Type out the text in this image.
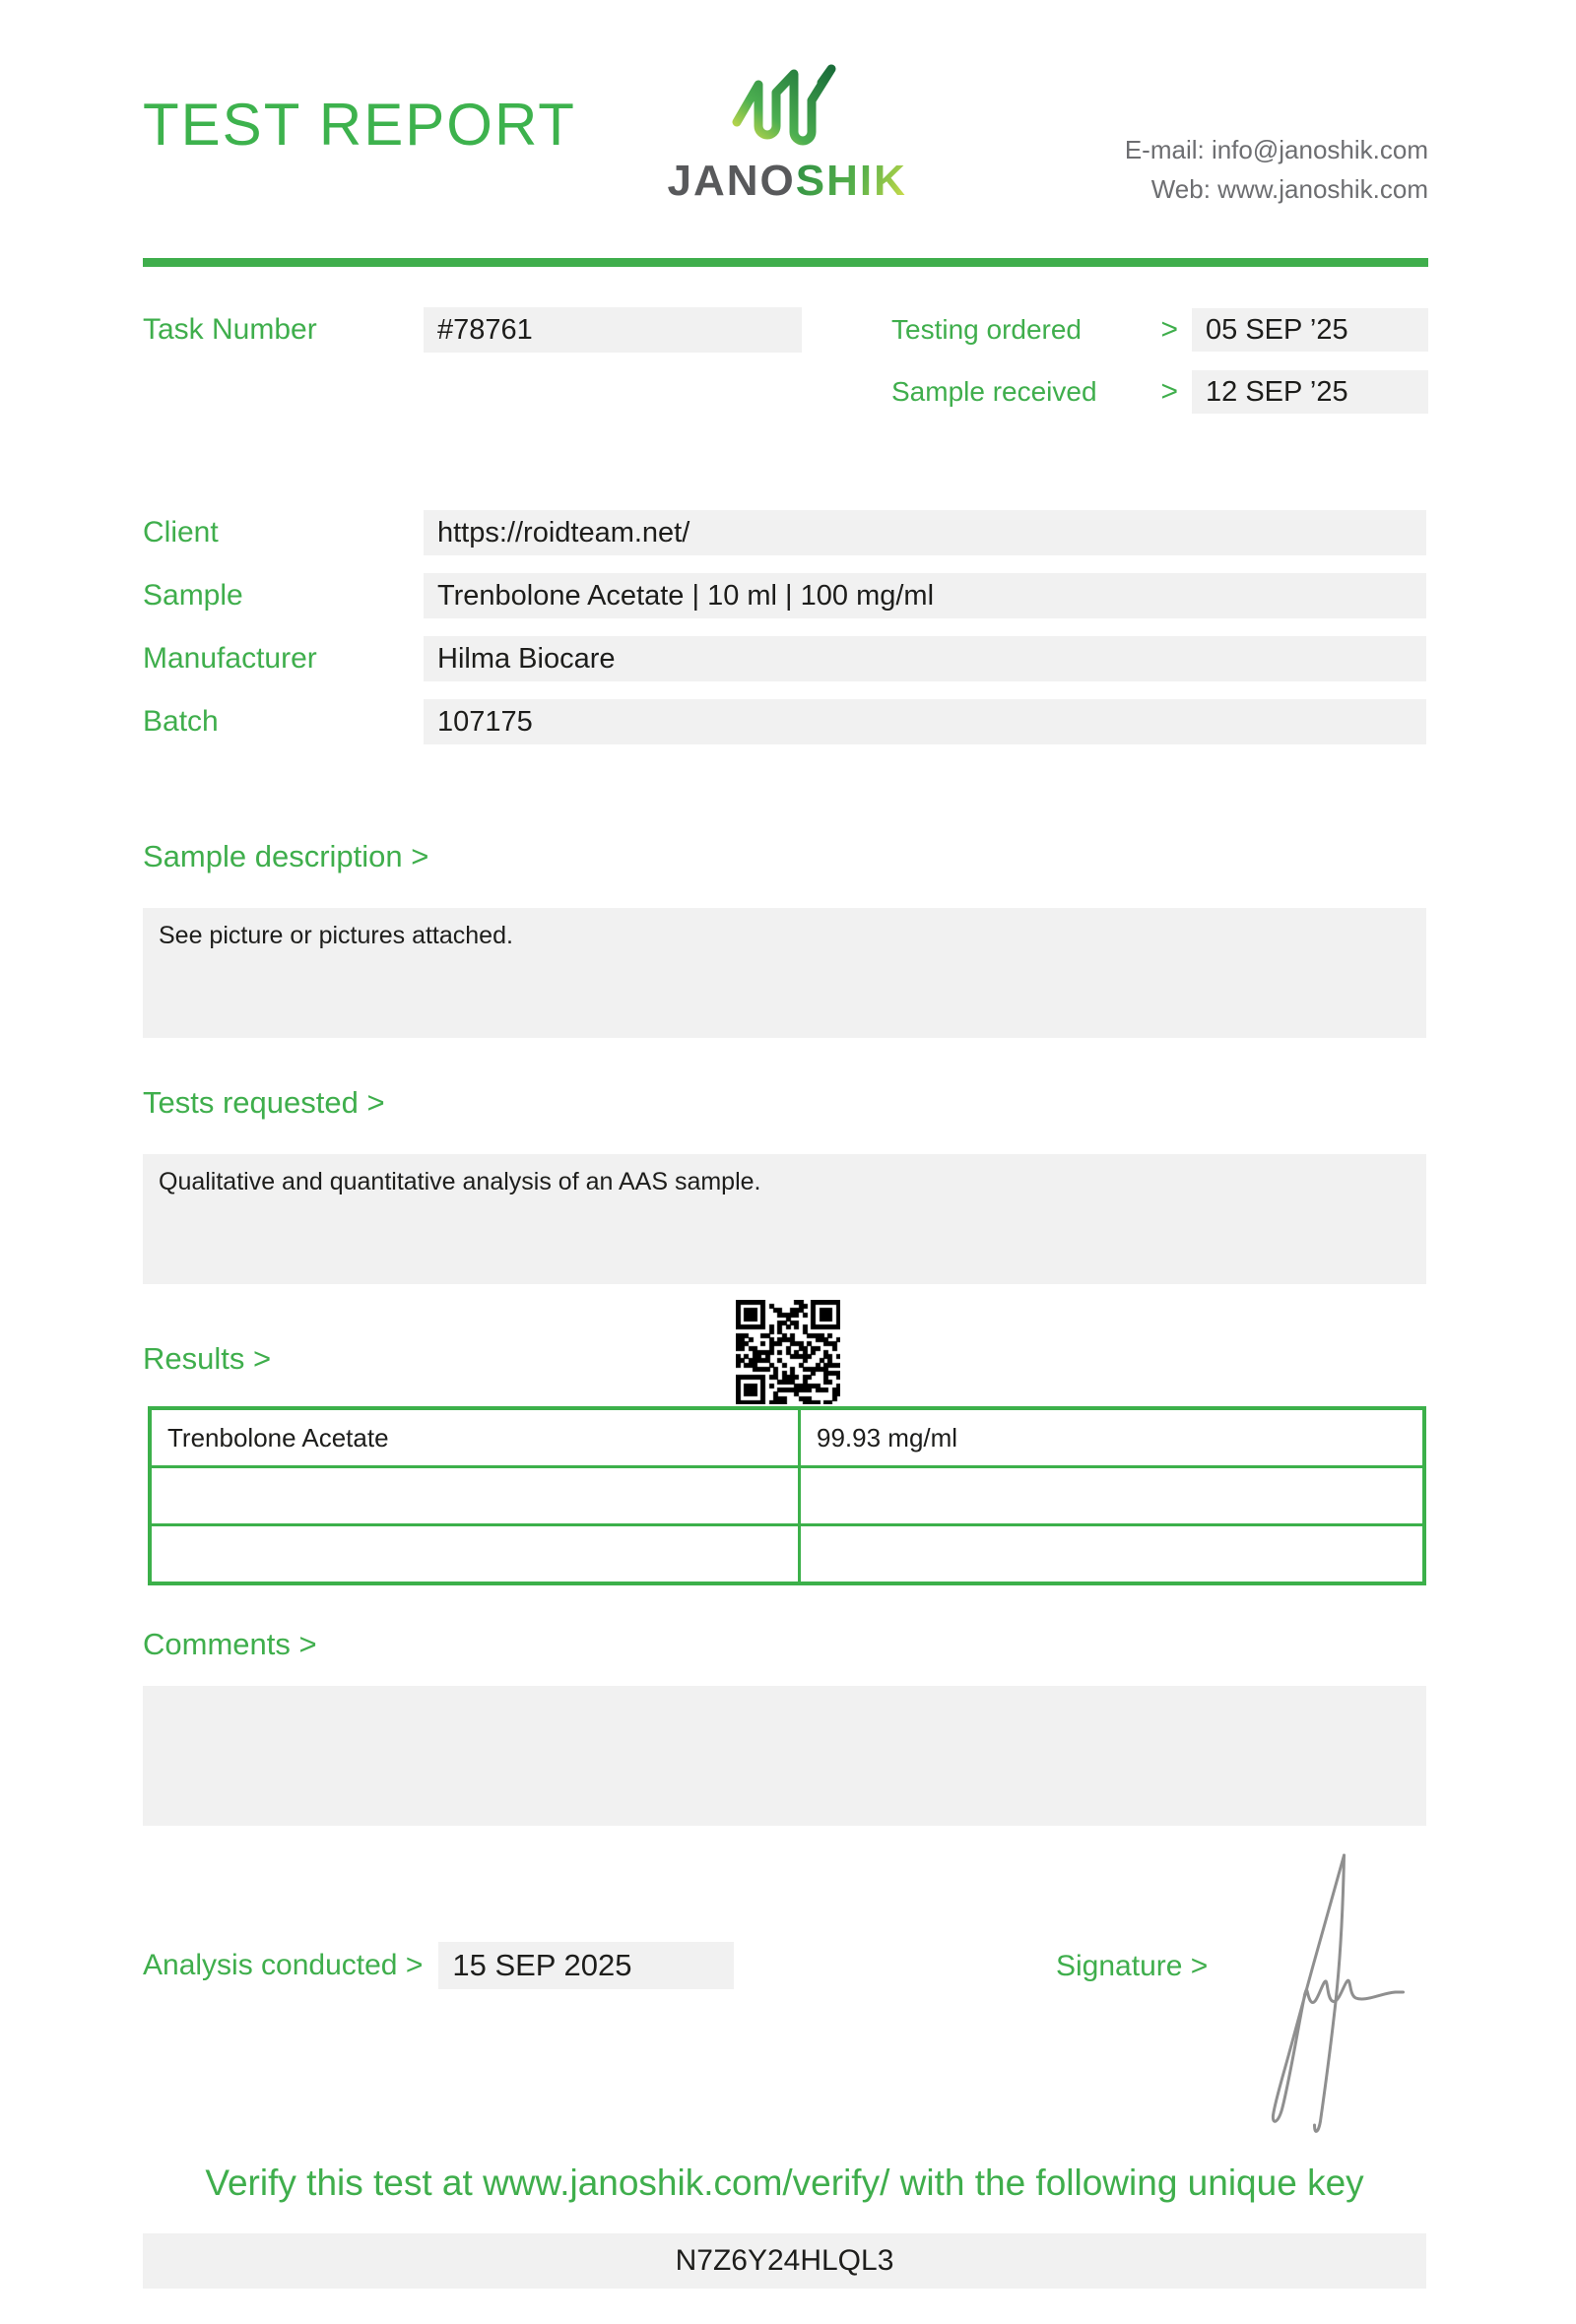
TEST REPORT
JANOSHIK
E-mail: info@janoshik.com
Web: www.janoshik.com
Task Number	#78761	Testing ordered	> 05 SEP ’25
Sample received	> 12 SEP ’25
Client	https://roidteam.net/
Sample	Trenbolone Acetate | 10 ml | 100 mg/ml
Manufacturer	Hilma Biocare
Batch	107175
Sample description >
See picture or pictures attached.
Tests requested >
Qualitative and quantitative analysis of an AAS sample.
Results >
Trenbolone Acetate	99.93 mg/ml

Comments >
Analysis conducted > 15 SEP 2025	Signature >
Verify this test at www.janoshik.com/verify/ with the following unique key
N7Z6Y24HLQL3
